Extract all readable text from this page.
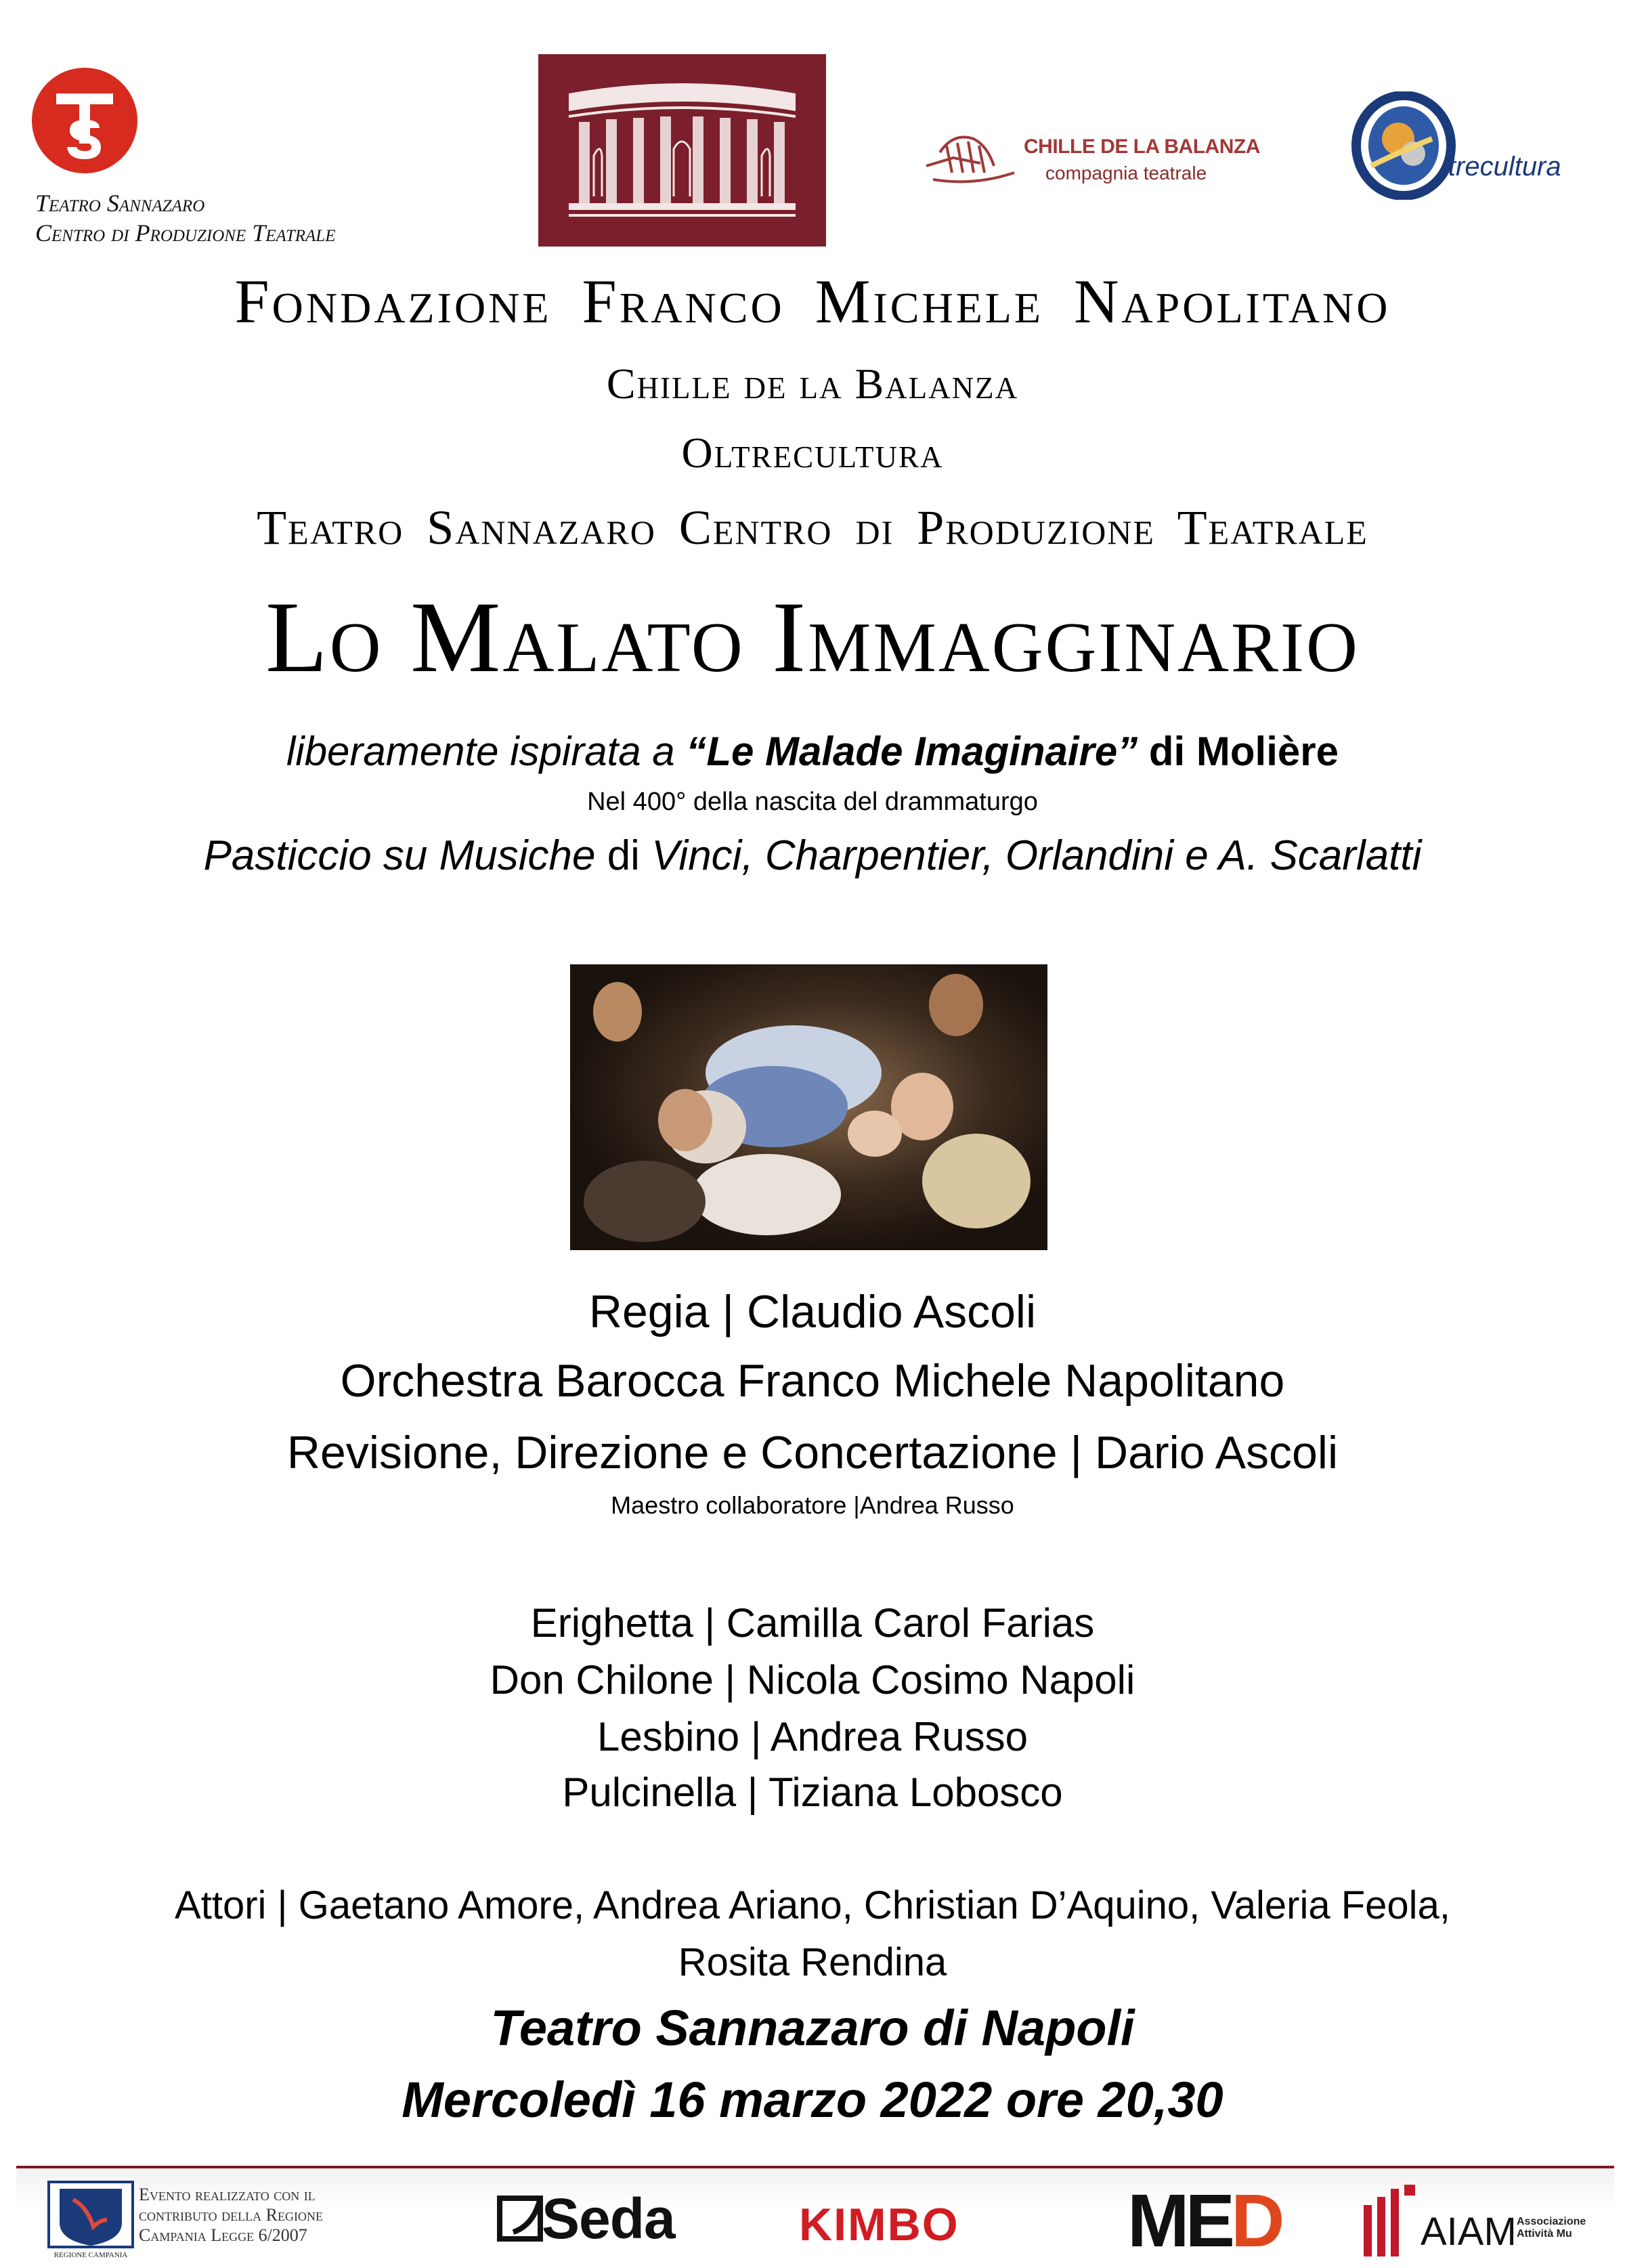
Teatro Sannazaro
Centro di Produzione Teatrale
CHILLE DE LA BALANZA
compagnia teatrale	ltrecultura
Fondazione Franco Michele Napolitano
Chille de la Balanza
Oltrecultura
Teatro Sannazaro Centro di Produzione Teatrale
Lo Malato Immagginario
liberamente ispirata a “Le Malade Imaginaire” di Molière
Nel 400° della nascita del drammaturgo
Pasticcio su Musiche di Vinci, Charpentier, Orlandini e A. Scarlatti
Regia | Claudio Ascoli
Orchestra Barocca Franco Michele Napolitano
Revisione, Direzione e Concertazione | Dario Ascoli
Maestro collaboratore |Andrea Russo
Erighetta | Camilla Carol Farias
Don Chilone | Nicola Cosimo Napoli
Lesbino | Andrea Russo
Pulcinella | Tiziana Lobosco
Attori | Gaetano Amore, Andrea Ariano, Christian D’Aquino, Valeria Feola,
Rosita Rendina
Teatro Sannazaro di Napoli
Mercoledì 16 marzo 2022 ore 20,30
REGIONE CAMPANIA
Evento realizzato con il
contributo della Regione
Campania Legge 6/2007	Seda	KIMBO MED	AIAM Associazione
Attività Mu
